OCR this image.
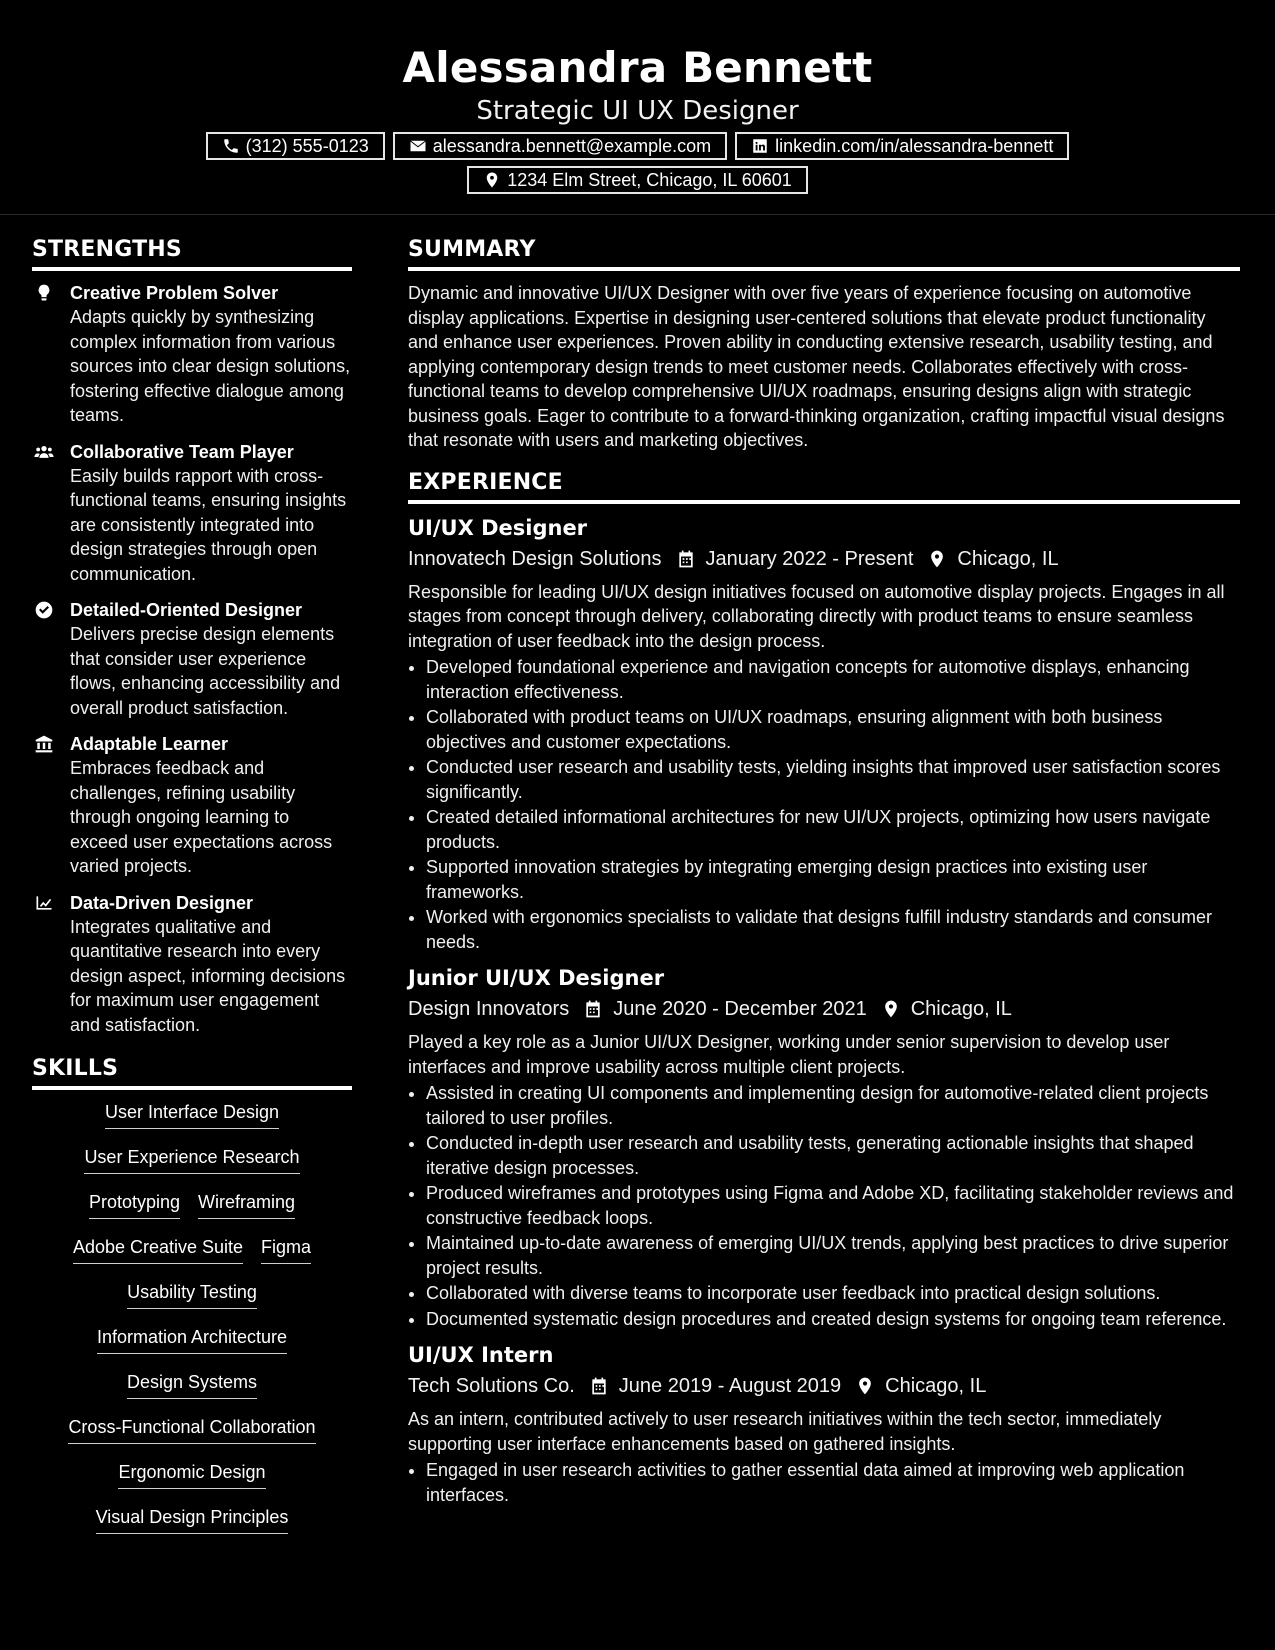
Alessandra Bennett
Strategic UI UX Designer
(312) 555-0123	alessandra.bennett@example.com	linkedin.com/in/alessandra-bennett
1234 Elm Street, Chicago, IL 60601
STRENGTHS
Creative Problem Solver
Adapts quickly by synthesizing complex information from various sources into clear design solutions, fostering effective dialogue among teams.
Collaborative Team Player
Easily builds rapport with cross-functional teams, ensuring insights are consistently integrated into design strategies through open communication.
Detailed-Oriented Designer
Delivers precise design elements that consider user experience flows, enhancing accessibility and overall product satisfaction.
Adaptable Learner
Embraces feedback and challenges, refining usability through ongoing learning to exceed user expectations across varied projects.
Data-Driven Designer
Integrates qualitative and quantitative research into every design aspect, informing decisions for maximum user engagement and satisfaction.
SKILLS
User Interface Design
User Experience Research
Prototyping Wireframing
Adobe Creative Suite Figma
Usability Testing
Information Architecture
Design Systems
Cross-Functional Collaboration
Ergonomic Design
Visual Design Principles
SUMMARY
Dynamic and innovative UI/UX Designer with over five years of experience focusing on automotive display applications. Expertise in designing user-centered solutions that elevate product functionality and enhance user experiences. Proven ability in conducting extensive research, usability testing, and applying contemporary design trends to meet customer needs. Collaborates effectively with cross-functional teams to develop comprehensive UI/UX roadmaps, ensuring designs align with strategic business goals. Eager to contribute to a forward-thinking organization, crafting impactful visual designs that resonate with users and marketing objectives.
EXPERIENCE
UI/UX Designer
Innovatech Design Solutions January 2022 - Present Chicago, IL
Responsible for leading UI/UX design initiatives focused on automotive display projects. Engages in all stages from concept through delivery, collaborating directly with product teams to ensure seamless integration of user feedback into the design process.
• Developed foundational experience and navigation concepts for automotive displays, enhancing interaction effectiveness.
• Collaborated with product teams on UI/UX roadmaps, ensuring alignment with both business objectives and customer expectations.
• Conducted user research and usability tests, yielding insights that improved user satisfaction scores significantly.
• Created detailed informational architectures for new UI/UX projects, optimizing how users navigate products.
• Supported innovation strategies by integrating emerging design practices into existing user frameworks.
• Worked with ergonomics specialists to validate that designs fulfill industry standards and consumer needs.
Junior UI/UX Designer
Design Innovators June 2020 - December 2021 Chicago, IL
Played a key role as a Junior UI/UX Designer, working under senior supervision to develop user interfaces and improve usability across multiple client projects.
• Assisted in creating UI components and implementing design for automotive-related client projects tailored to user profiles.
• Conducted in-depth user research and usability tests, generating actionable insights that shaped iterative design processes.
• Produced wireframes and prototypes using Figma and Adobe XD, facilitating stakeholder reviews and constructive feedback loops.
• Maintained up-to-date awareness of emerging UI/UX trends, applying best practices to drive superior project results.
• Collaborated with diverse teams to incorporate user feedback into practical design solutions.
• Documented systematic design procedures and created design systems for ongoing team reference.
UI/UX Intern
Tech Solutions Co. June 2019 - August 2019 Chicago, IL
As an intern, contributed actively to user research initiatives within the tech sector, immediately supporting user interface enhancements based on gathered insights.
• Engaged in user research activities to gather essential data aimed at improving web application interfaces.
